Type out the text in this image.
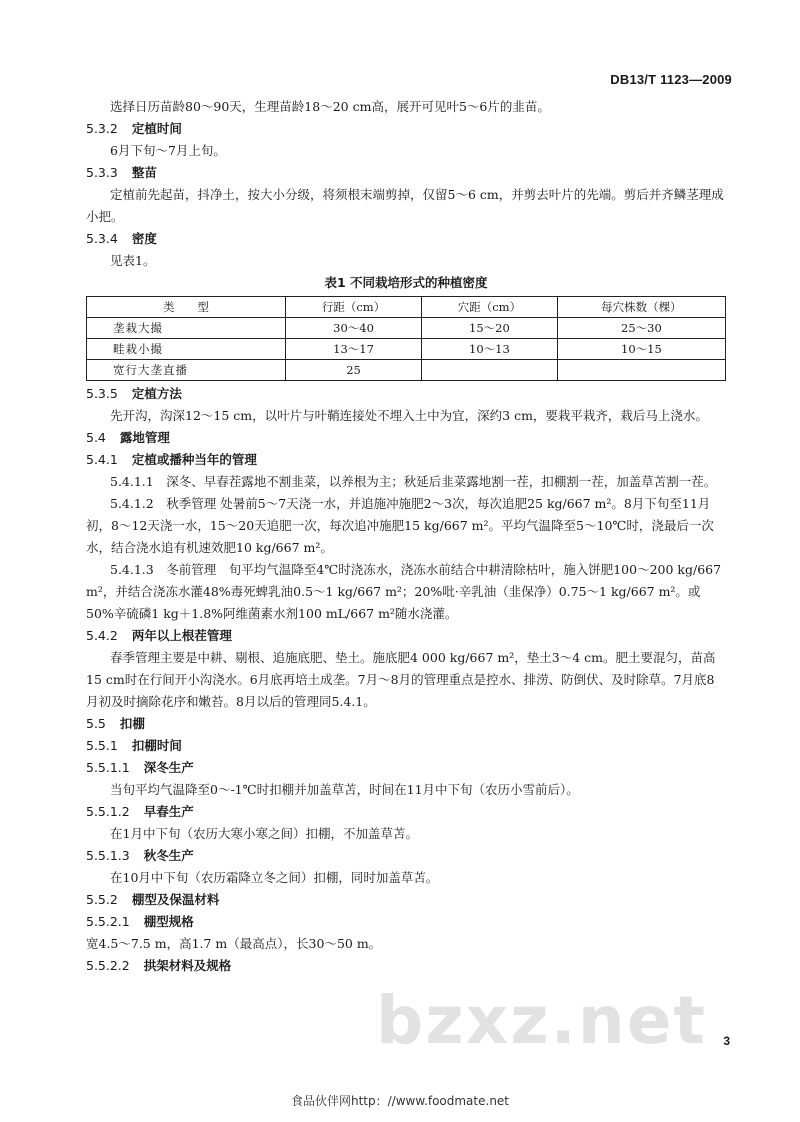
DB13/T 1123—2009

选择日历苗龄80～90天，生理苗龄18～20 cm高，展开可见叶5～6片的韭苗。

5.3.2 定植时间

6月下旬～7月上旬。

5.3.3 整苗

定植前先起苗，抖净土，按大小分级，将须根末端剪掉，仅留5～6 cm，并剪去叶片的先端。剪后并齐鳞茎理成小把。

5.3.4 密度

见表1。

表1 不同栽培形式的种植密度

类　　型	行距（cm）	穴距（cm）	每穴株数（棵）
垄栽大撮	30～40	15～20	25～30
畦栽小撮	13～17	10～13	10～15
宽行大垄直播	25		

5.3.5 定植方法

先开沟，沟深12～15 cm，以叶片与叶鞘连接处不埋入土中为宜，深约3 cm，要栽平栽齐，栽后马上浇水。

5.4 露地管理

5.4.1 定植或播种当年的管理

5.4.1.1　 深冬、早春茬露地不割韭菜，以养根为主；秋延后韭菜露地割一茬，扣棚割一茬，加盖草苫割一茬。

5.4.1.2　 秋季管理 处暑前5～7天浇一水，并追施冲施肥2～3次，每次追肥25 kg/667 m²。8月下旬至11月初，8～12天浇一水，15～20天追肥一次，每次追冲施肥15 kg/667 m²。平均气温降至5～10℃时，浇最后一次水，结合浇水追有机速效肥10 kg/667 m²。

5.4.1.3　 冬前管理　 旬平均气温降至4℃时浇冻水，浇冻水前结合中耕清除枯叶，施入饼肥100～200 kg/667 m²，并结合浇冻水灌48%毒死蜱乳油0.5～1 kg/667 m²；20%吡·辛乳油（韭保净）0.75～1 kg/667 m²。或50%辛硫磷1 kg＋1.8%阿维菌素水剂100 mL/667 m²随水浇灌。

5.4.2 两年以上根茬管理

春季管理主要是中耕、剔根、追施底肥、垫土。施底肥4 000 kg/667 m²，垫土3～4 cm。肥土要混匀，苗高15 cm时在行间开小沟浇水。6月底再培土成垄。7月～8月的管理重点是控水、排涝、防倒伏、及时除草。7月底8月初及时摘除花序和嫩苔。8月以后的管理同5.4.1。

5.5 扣棚

5.5.1 扣棚时间

5.5.1.1 深冬生产

当旬平均气温降至0～-1℃时扣棚并加盖草苫，时间在11月中下旬（农历小雪前后）。

5.5.1.2 早春生产

在1月中下旬（农历大寒小寒之间）扣棚，不加盖草苫。

5.5.1.3 秋冬生产

在10月中下旬（农历霜降立冬之间）扣棚，同时加盖草苫。

5.5.2 棚型及保温材料

5.5.2.1 棚型规格

宽4.5～7.5 m，高1.7 m（最高点），长30～50 m。

5.5.2.2 拱架材料及规格

bzxz.net 3
食品伙伴网http：//www.foodmate.net
